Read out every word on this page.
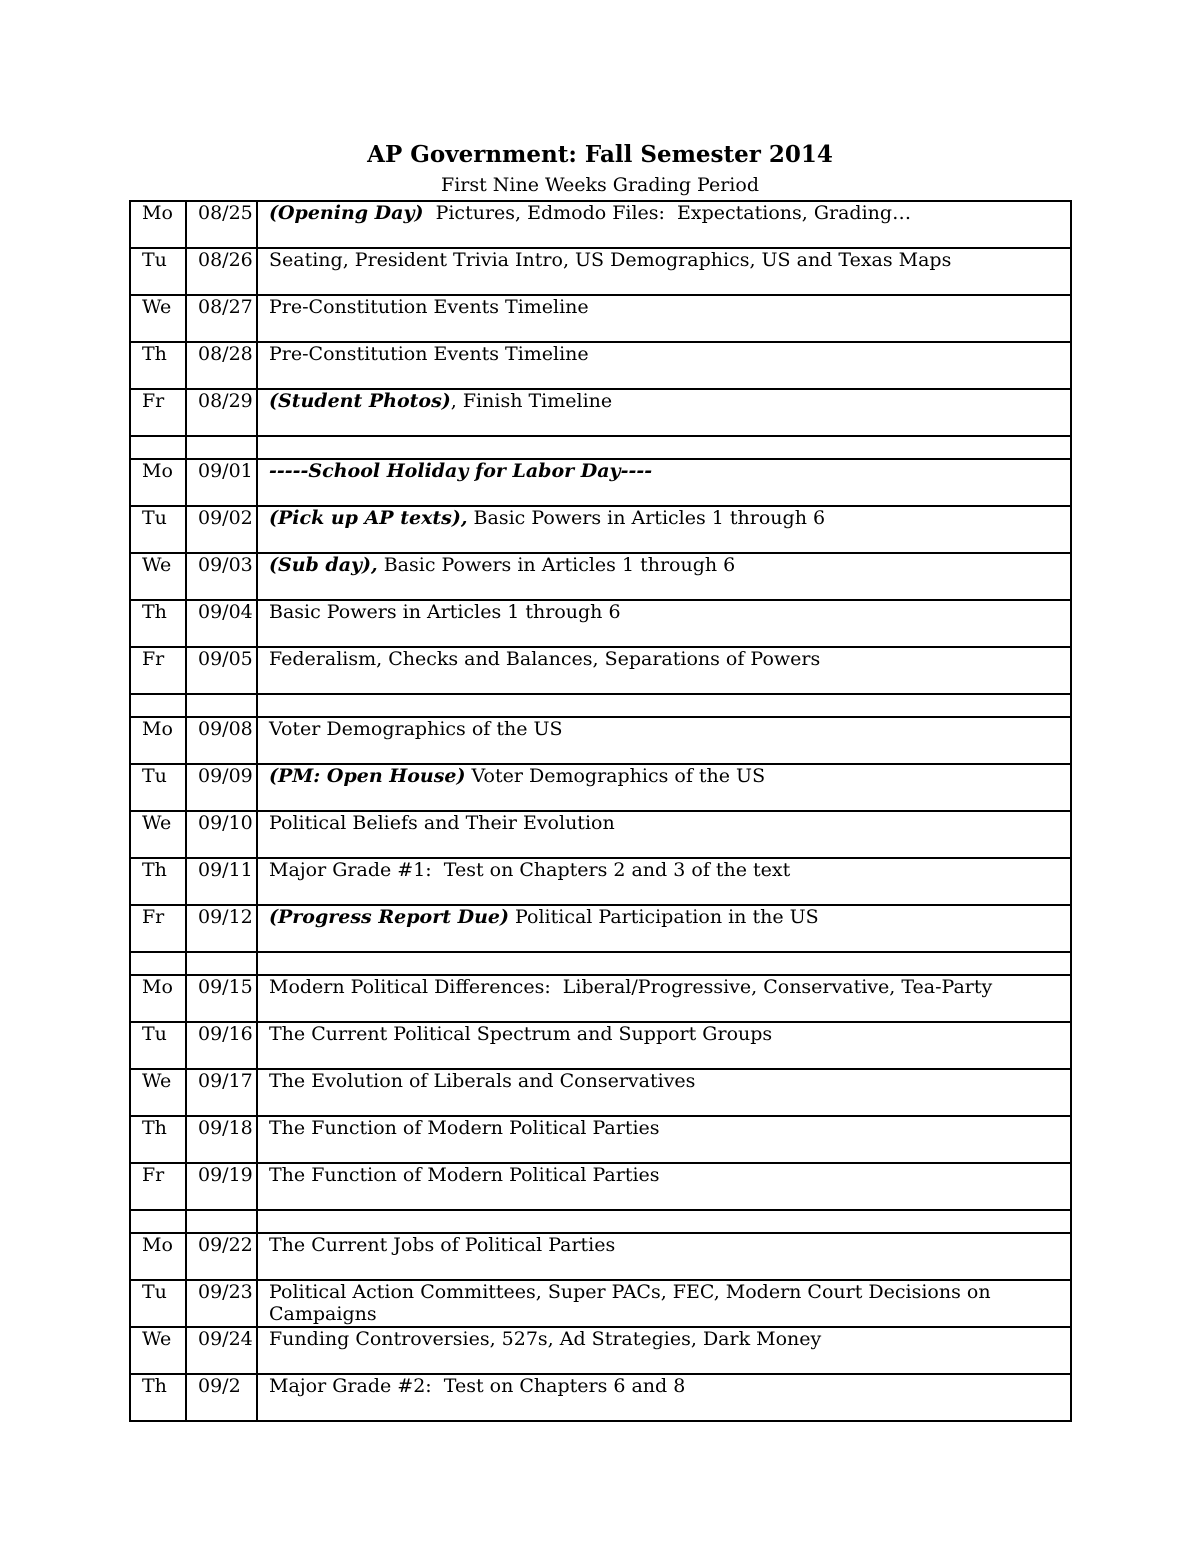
AP Government: Fall Semester 2014
First Nine Weeks Grading Period
Mo	08/25	(Opening Day)  Pictures, Edmodo Files:  Expectations, Grading…
Tu	08/26	Seating, President Trivia Intro, US Demographics, US and Texas Maps
We	08/27	Pre-Constitution Events Timeline
Th	08/28	Pre-Constitution Events Timeline
Fr	08/29	(Student Photos), Finish Timeline

Mo	09/01	-----School Holiday for Labor Day----
Tu	09/02	(Pick up AP texts), Basic Powers in Articles 1 through 6
We	09/03	(Sub day), Basic Powers in Articles 1 through 6
Th	09/04	Basic Powers in Articles 1 through 6
Fr	09/05	Federalism, Checks and Balances, Separations of Powers

Mo	09/08	Voter Demographics of the US
Tu	09/09	(PM: Open House) Voter Demographics of the US
We	09/10	Political Beliefs and Their Evolution
Th	09/11	Major Grade #1:  Test on Chapters 2 and 3 of the text
Fr	09/12	(Progress Report Due) Political Participation in the US

Mo	09/15	Modern Political Differences:  Liberal/Progressive, Conservative, Tea-Party
Tu	09/16	The Current Political Spectrum and Support Groups
We	09/17	The Evolution of Liberals and Conservatives
Th	09/18	The Function of Modern Political Parties
Fr	09/19	The Function of Modern Political Parties

Mo	09/22	The Current Jobs of Political Parties
Tu	09/23	Political Action Committees, Super PACs, FEC, Modern Court Decisions on Campaigns
We	09/24	Funding Controversies, 527s, Ad Strategies, Dark Money
Th	09/2	Major Grade #2:  Test on Chapters 6 and 8
